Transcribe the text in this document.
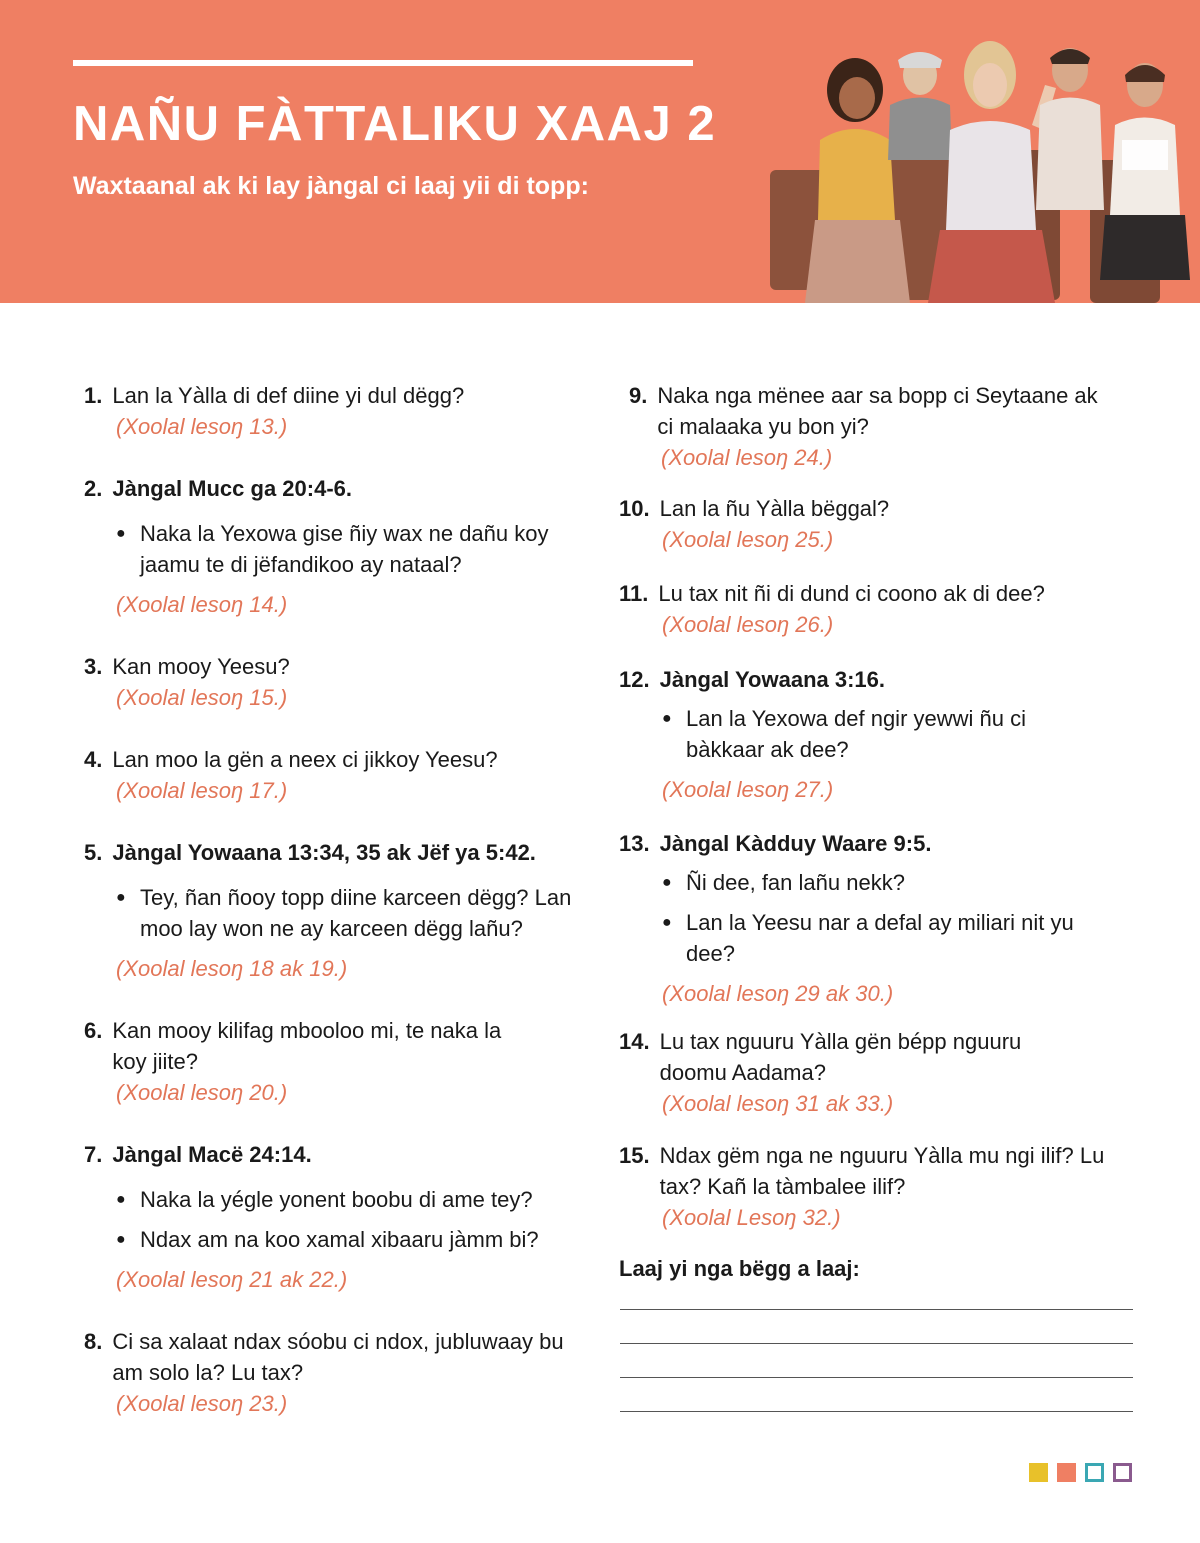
NAÑU FÀTTALIKU XAAJ 2
Waxtaanal ak ki lay jàngal ci laaj yii di topp:
1. Lan la Yàlla di def diine yi dul dëgg?
(Xoolal lesoŋ 13.)
2. Jàngal Mucc ga 20:4-6.
● Naka la Yexowa gise ñiy wax ne dañu koy jaamu te di jëfandikoo ay nataal?
(Xoolal lesoŋ 14.)
3. Kan mooy Yeesu?
(Xoolal lesoŋ 15.)
4. Lan moo la gën a neex ci jikkoy Yeesu?
(Xoolal lesoŋ 17.)
5. Jàngal Yowaana 13:34, 35 ak Jëf ya 5:42.
● Tey, ñan ñooy topp diine karceen dëgg? Lan moo lay won ne ay karceen dëgg lañu?
(Xoolal lesoŋ 18 ak 19.)
6. Kan mooy kilifag mbooloo mi, te naka la koy jiite?
(Xoolal lesoŋ 20.)
7. Jàngal Macë 24:14.
● Naka la yégle yonent boobu di ame tey?
● Ndax am na koo xamal xibaaru jàmm bi?
(Xoolal lesoŋ 21 ak 22.)
8. Ci sa xalaat ndax sóobu ci ndox, jubluwaay bu am solo la? Lu tax?
(Xoolal lesoŋ 23.)
9. Naka nga mënee aar sa bopp ci Seytaane ak ci malaaka yu bon yi?
(Xoolal lesoŋ 24.)
10. Lan la ñu Yàlla bëggal?
(Xoolal lesoŋ 25.)
11. Lu tax nit ñi di dund ci coono ak di dee?
(Xoolal lesoŋ 26.)
12. Jàngal Yowaana 3:16.
● Lan la Yexowa def ngir yewwi ñu ci bàkkaar ak dee?
(Xoolal lesoŋ 27.)
13. Jàngal Kàdduy Waare 9:5.
● Ñi dee, fan lañu nekk?
● Lan la Yeesu nar a defal ay miliari nit yu dee?
(Xoolal lesoŋ 29 ak 30.)
14. Lu tax nguuru Yàlla gën bépp nguuru doomu Aadama?
(Xoolal lesoŋ 31 ak 33.)
15. Ndax gëm nga ne nguuru Yàlla mu ngi ilif? Lu tax? Kañ la tàmbalee ilif?
(Xoolal Lesoŋ 32.)
Laaj yi nga bëgg a laaj:
